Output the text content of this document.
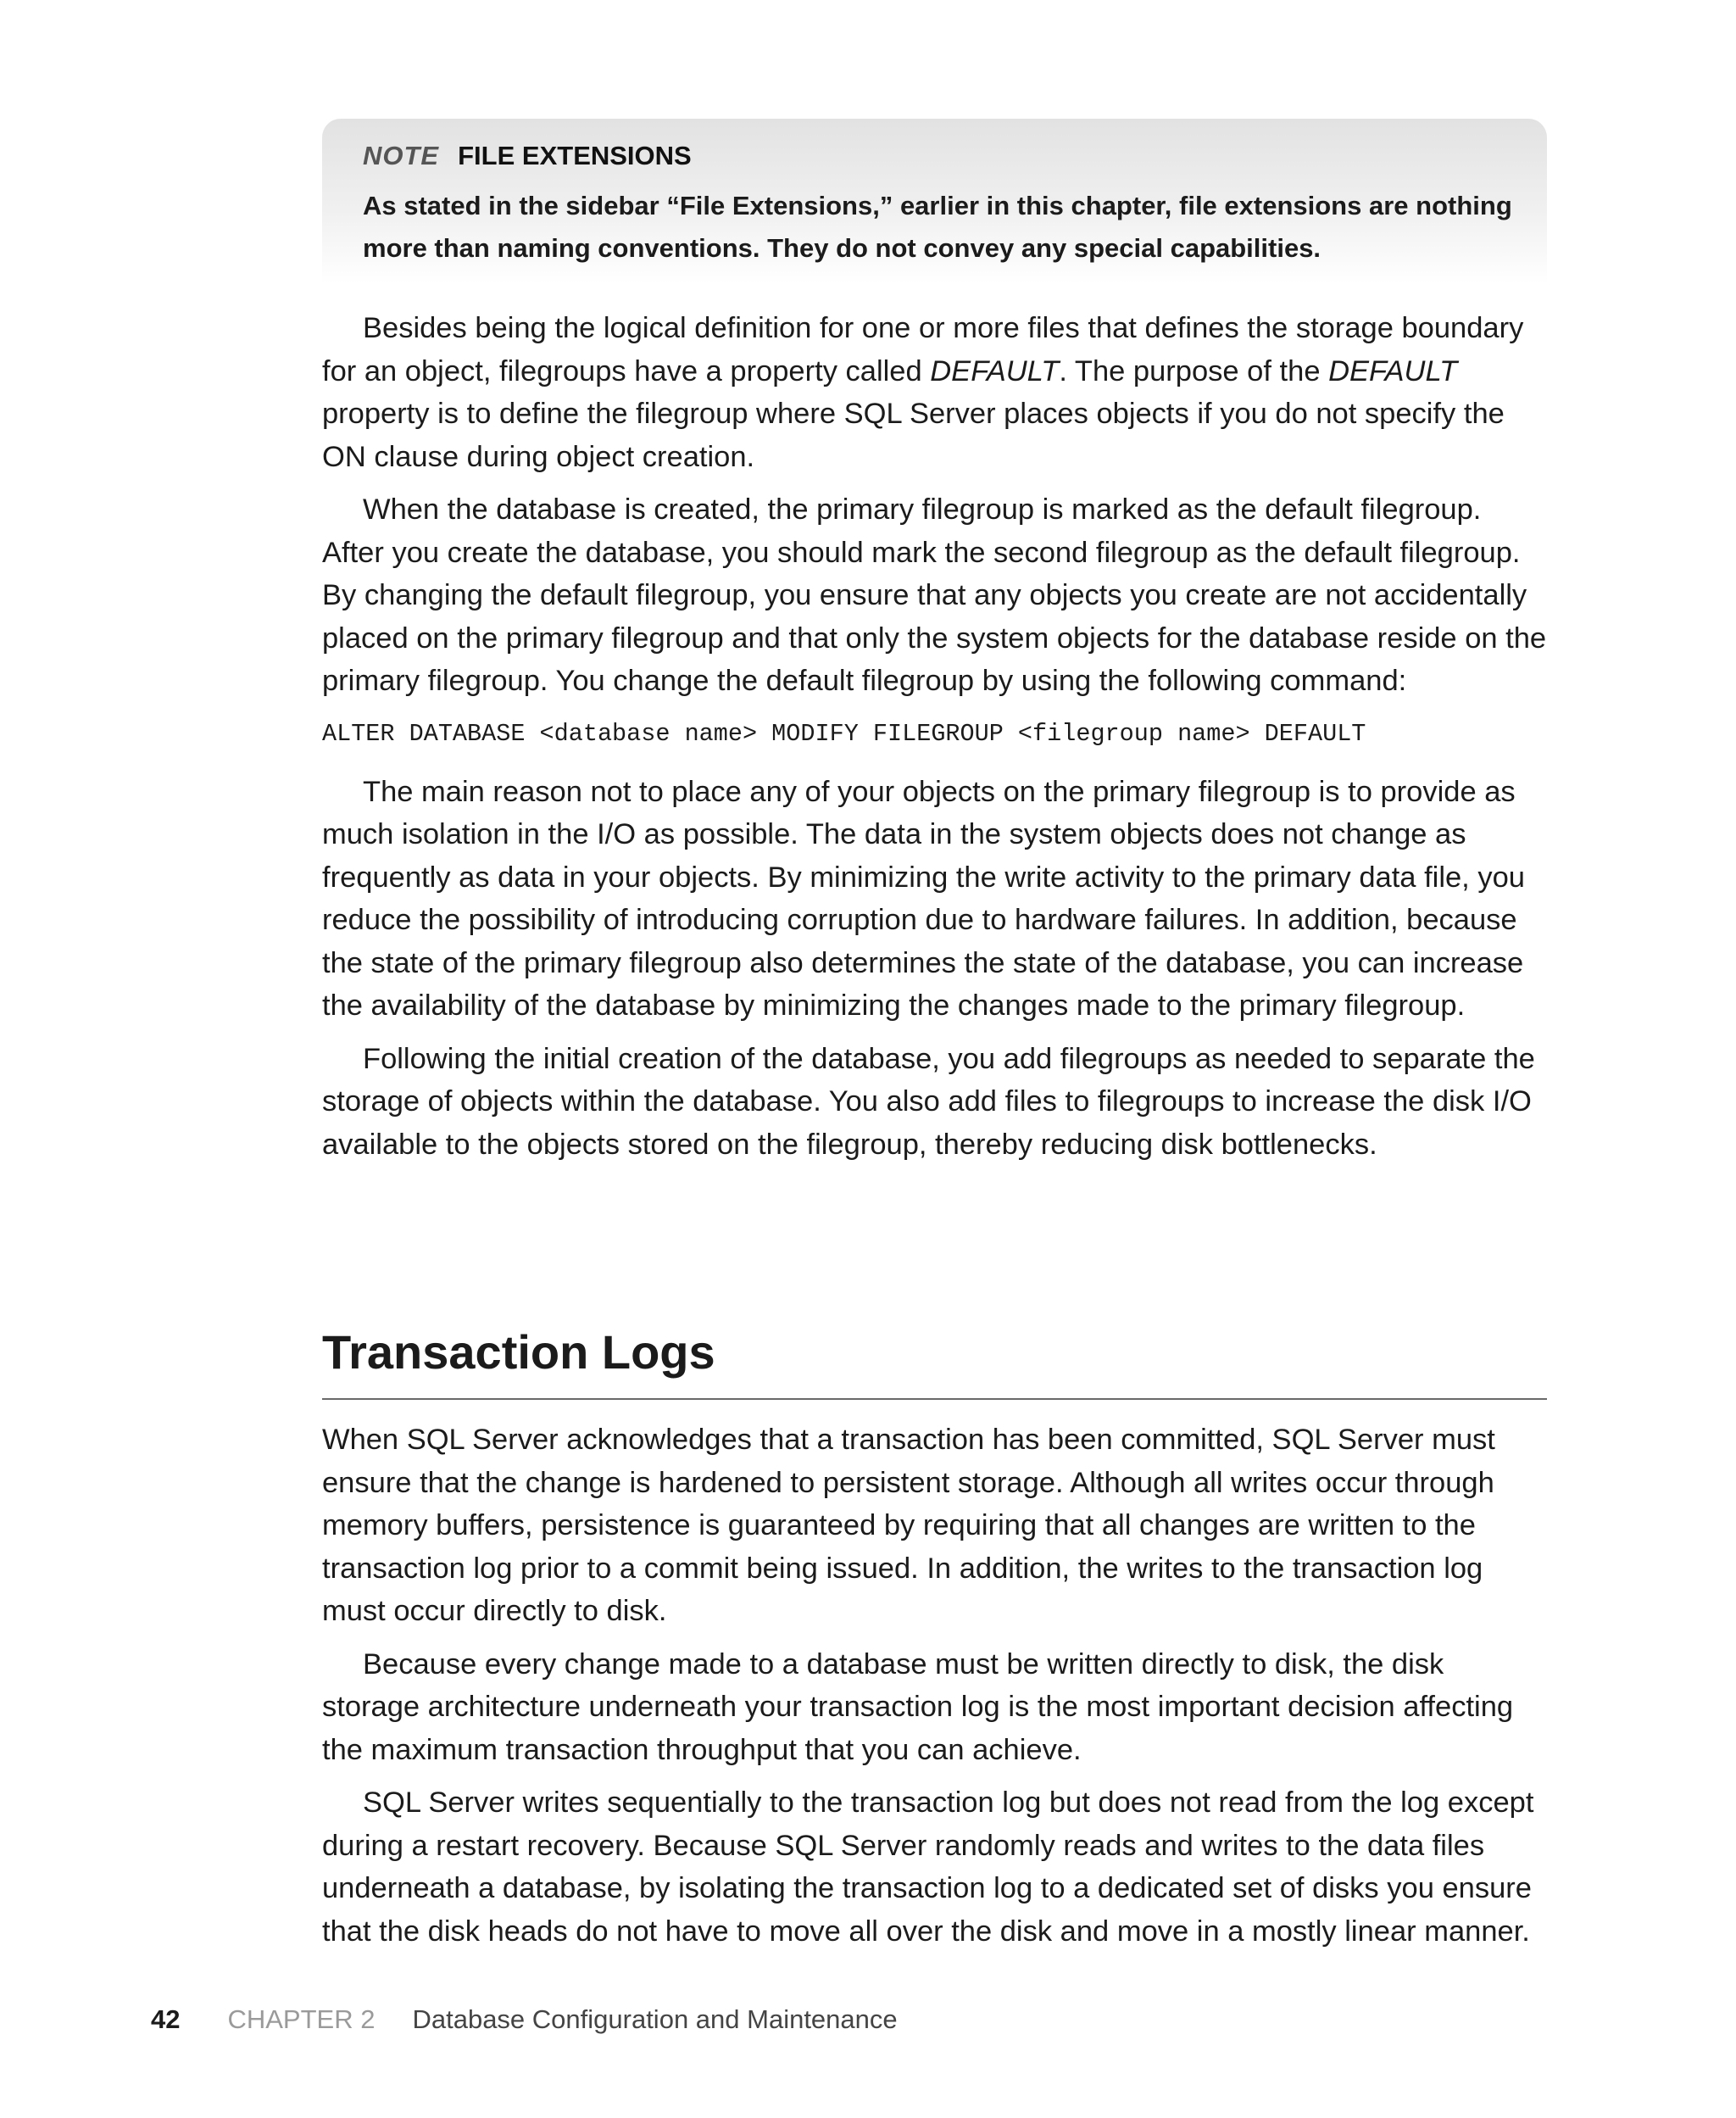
NOTE FILE EXTENSIONS
As stated in the sidebar “File Extensions,” earlier in this chapter, file extensions are nothing more than naming conventions. They do not convey any special capabilities.

Besides being the logical definition for one or more files that defines the storage boundary for an object, filegroups have a property called DEFAULT. The purpose of the DEFAULT property is to define the filegroup where SQL Server places objects if you do not specify the ON clause during object creation.

When the database is created, the primary filegroup is marked as the default filegroup. After you create the database, you should mark the second filegroup as the default filegroup. By changing the default filegroup, you ensure that any objects you create are not accidentally placed on the primary filegroup and that only the system objects for the database reside on the primary filegroup. You change the default filegroup by using the following command:

ALTER DATABASE <database name> MODIFY FILEGROUP <filegroup name> DEFAULT

The main reason not to place any of your objects on the primary filegroup is to provide as much isolation in the I/O as possible. The data in the system objects does not change as frequently as data in your objects. By minimizing the write activity to the primary data file, you reduce the possibility of introducing corruption due to hardware failures. In addition, because the state of the primary filegroup also determines the state of the database, you can increase the availability of the database by minimizing the changes made to the primary filegroup.

Following the initial creation of the database, you add filegroups as needed to separate the storage of objects within the database. You also add files to filegroups to increase the disk I/O available to the objects stored on the filegroup, thereby reducing disk bottlenecks.

Transaction Logs

When SQL Server acknowledges that a transaction has been committed, SQL Server must ensure that the change is hardened to persistent storage. Although all writes occur through memory buffers, persistence is guaranteed by requiring that all changes are written to the transaction log prior to a commit being issued. In addition, the writes to the transaction log must occur directly to disk.

Because every change made to a database must be written directly to disk, the disk storage architecture underneath your transaction log is the most important decision affecting the maximum transaction throughput that you can achieve.

SQL Server writes sequentially to the transaction log but does not read from the log except during a restart recovery. Because SQL Server randomly reads and writes to the data files underneath a database, by isolating the transaction log to a dedicated set of disks you ensure that the disk heads do not have to move all over the disk and move in a mostly linear manner.

42 CHAPTER 2 Database Configuration and Maintenance
